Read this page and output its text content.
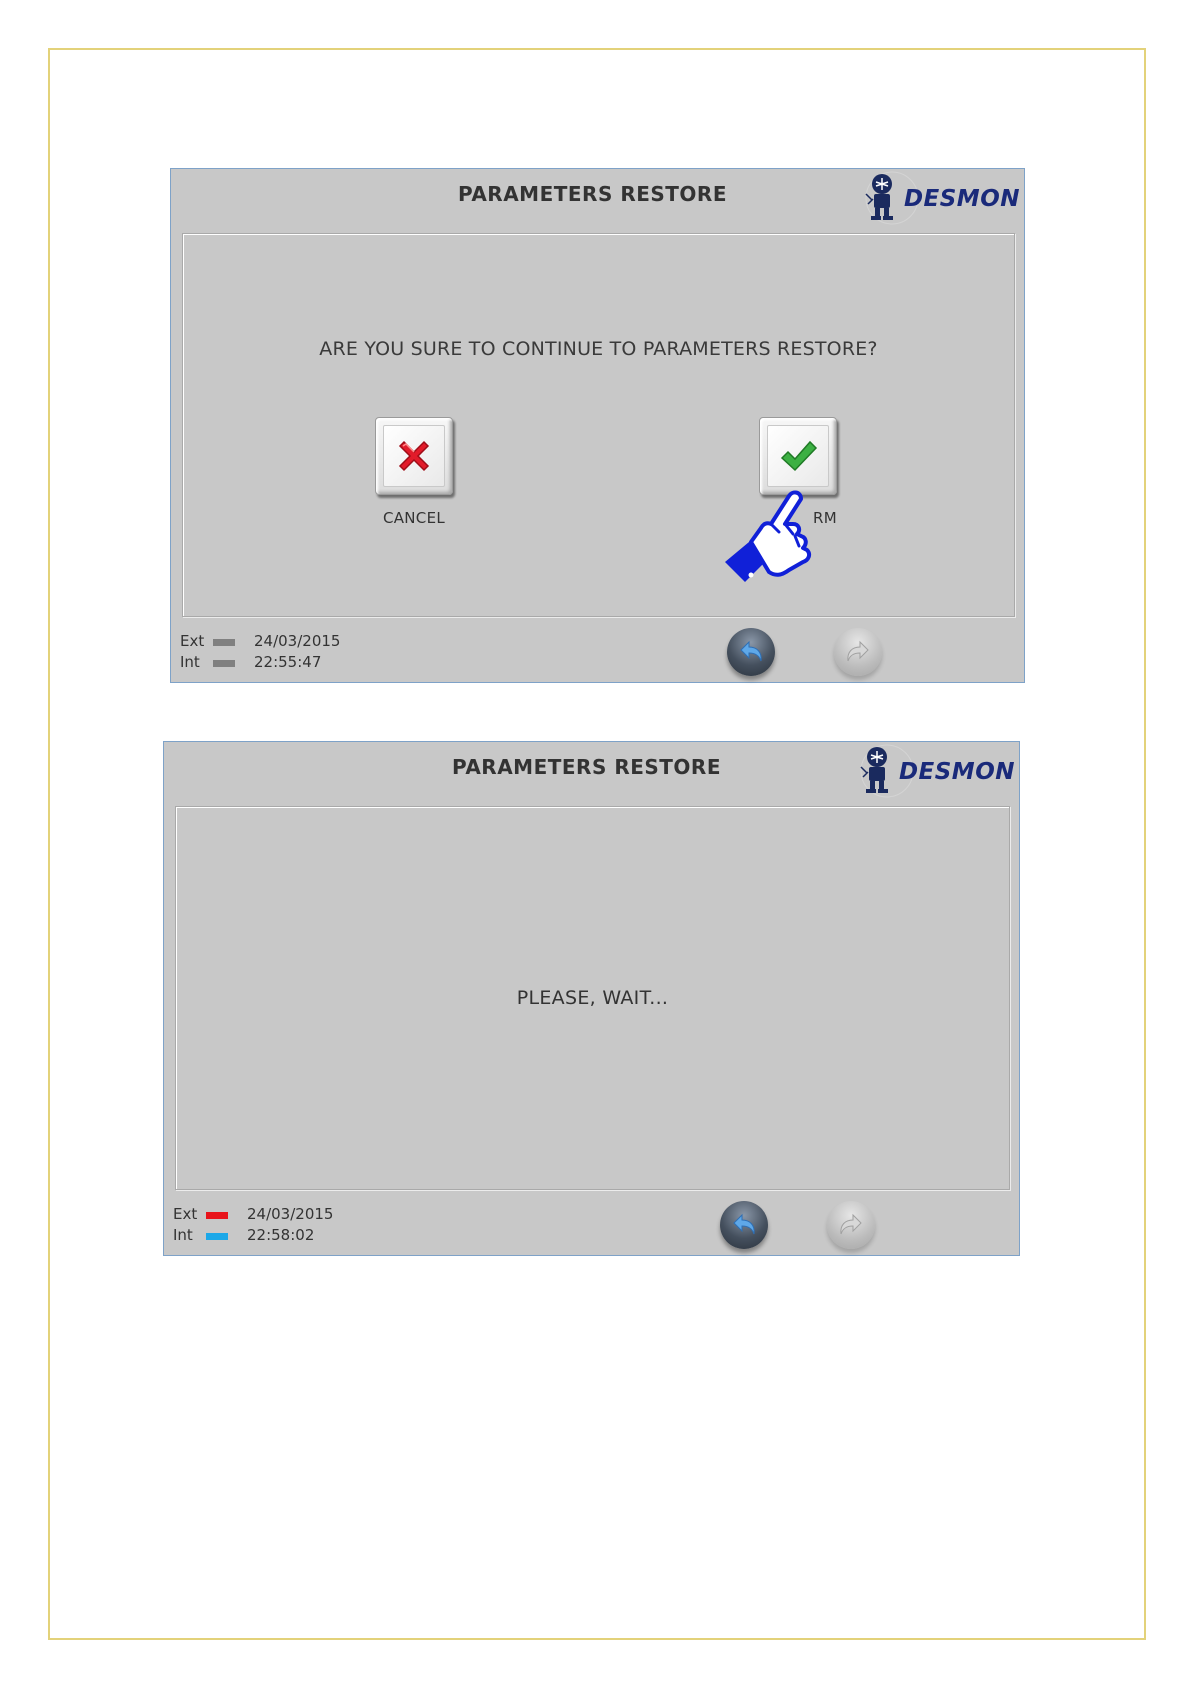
PARAMETERS RESTORE	DESMON
ARE YOU SURE TO CONTINUE TO PARAMETERS RESTORE?
CANCEL	RM
Ext	24/03/2015
Int	22:55:47
PARAMETERS RESTORE	DESMON
PLEASE, WAIT...
Ext	24/03/2015
Int	22:58:02
